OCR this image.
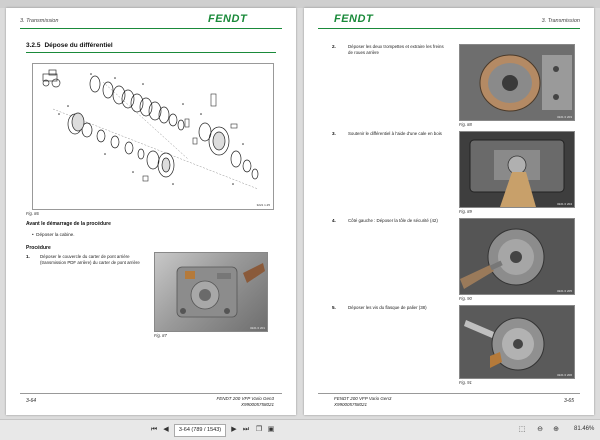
3. Transmission	FENDT
3.2.5 Dépose du différentiel
3221 1.25
Fig. 86
Avant le démarrage de la procédure
•  Déposer la cabine.
Procédure
1. Déposer le couvercle du carter de pont arrière (transmission PDF arrière) du carter de pont arrière
3221 0 201
Fig. 87
3-64	FENDT 200 VFP Vario Gen3
X990005758021
FENDT	3. Transmission
2.	Déposer les deux trompettes et extraire les freins de roues arrière
3221 0 203
Fig. 88
3.	Soutenir le différentiel à l'aide d'une cale en bois
3221 0 204
Fig. 89
4.	Côté gauche : Déposer la tôle de sécurité (42)
3221 0 205
Fig. 90
5.	Déposer les vis du flasque de palier (38)
3221 0 206
Fig. 91
FENDT 200 VFP Vario Gen3
X990005758021	3-65
⏮ ◀	3-64 (789 / 1543)	▶ ⏭ ❐ ▣	⬚ ⊖ ⊕	81.46%
